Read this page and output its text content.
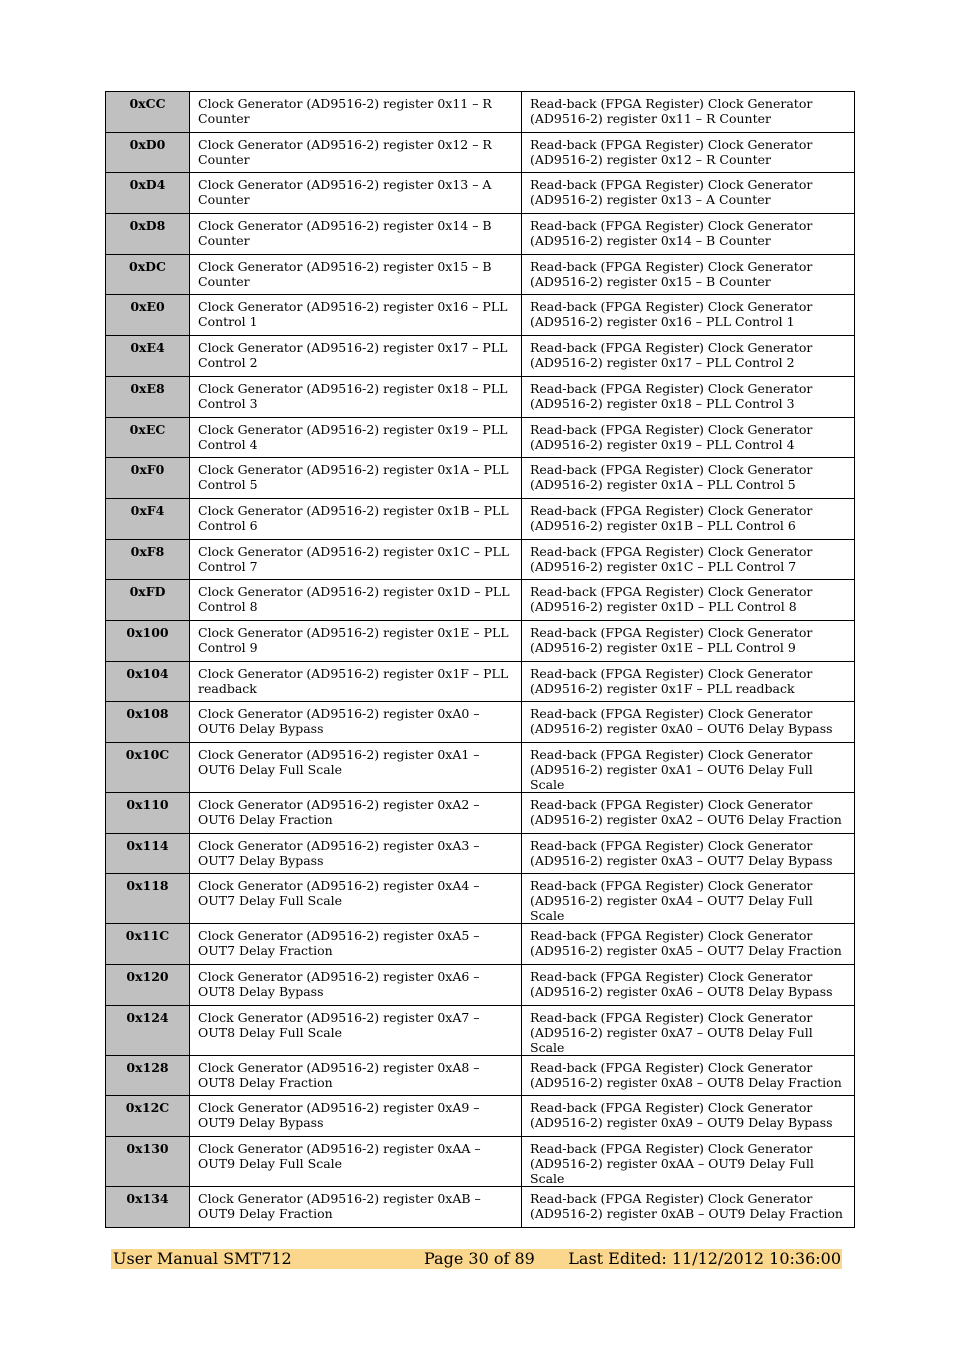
0xCC	Clock Generator (AD9516-2) register 0x11 – R Counter	Read-back (FPGA Register) Clock Generator (AD9516-2) register 0x11 – R Counter
0xD0	Clock Generator (AD9516-2) register 0x12 – R Counter	Read-back (FPGA Register) Clock Generator (AD9516-2) register 0x12 – R Counter
0xD4	Clock Generator (AD9516-2) register 0x13 – A Counter	Read-back (FPGA Register) Clock Generator (AD9516-2) register 0x13 – A Counter
0xD8	Clock Generator (AD9516-2) register 0x14 – B Counter	Read-back (FPGA Register) Clock Generator (AD9516-2) register 0x14 – B Counter
0xDC	Clock Generator (AD9516-2) register 0x15 – B Counter	Read-back (FPGA Register) Clock Generator (AD9516-2) register 0x15 – B Counter
0xE0	Clock Generator (AD9516-2) register 0x16 – PLL Control 1	Read-back (FPGA Register) Clock Generator (AD9516-2) register 0x16 – PLL Control 1
0xE4	Clock Generator (AD9516-2) register 0x17 – PLL Control 2	Read-back (FPGA Register) Clock Generator (AD9516-2) register 0x17 – PLL Control 2
0xE8	Clock Generator (AD9516-2) register 0x18 – PLL Control 3	Read-back (FPGA Register) Clock Generator (AD9516-2) register 0x18 – PLL Control 3
0xEC	Clock Generator (AD9516-2) register 0x19 – PLL Control 4	Read-back (FPGA Register) Clock Generator (AD9516-2) register 0x19 – PLL Control 4
0xF0	Clock Generator (AD9516-2) register 0x1A – PLL Control 5	Read-back (FPGA Register) Clock Generator (AD9516-2) register 0x1A – PLL Control 5
0xF4	Clock Generator (AD9516-2) register 0x1B – PLL Control 6	Read-back (FPGA Register) Clock Generator (AD9516-2) register 0x1B – PLL Control 6
0xF8	Clock Generator (AD9516-2) register 0x1C – PLL Control 7	Read-back (FPGA Register) Clock Generator (AD9516-2) register 0x1C – PLL Control 7
0xFD	Clock Generator (AD9516-2) register 0x1D – PLL Control 8	Read-back (FPGA Register) Clock Generator (AD9516-2) register 0x1D – PLL Control 8
0x100	Clock Generator (AD9516-2) register 0x1E – PLL Control 9	Read-back (FPGA Register) Clock Generator (AD9516-2) register 0x1E – PLL Control 9
0x104	Clock Generator (AD9516-2) register 0x1F – PLL readback	Read-back (FPGA Register) Clock Generator (AD9516-2) register 0x1F – PLL readback
0x108	Clock Generator (AD9516-2) register 0xA0 – OUT6 Delay Bypass	Read-back (FPGA Register) Clock Generator (AD9516-2) register 0xA0 – OUT6 Delay Bypass
0x10C	Clock Generator (AD9516-2) register 0xA1 – OUT6 Delay Full Scale	Read-back (FPGA Register) Clock Generator (AD9516-2) register 0xA1 – OUT6 Delay Full Scale
0x110	Clock Generator (AD9516-2) register 0xA2 – OUT6 Delay Fraction	Read-back (FPGA Register) Clock Generator (AD9516-2) register 0xA2 – OUT6 Delay Fraction
0x114	Clock Generator (AD9516-2) register 0xA3 – OUT7 Delay Bypass	Read-back (FPGA Register) Clock Generator (AD9516-2) register 0xA3 – OUT7 Delay Bypass
0x118	Clock Generator (AD9516-2) register 0xA4 – OUT7 Delay Full Scale	Read-back (FPGA Register) Clock Generator (AD9516-2) register 0xA4 – OUT7 Delay Full Scale
0x11C	Clock Generator (AD9516-2) register 0xA5 – OUT7 Delay Fraction	Read-back (FPGA Register) Clock Generator (AD9516-2) register 0xA5 – OUT7 Delay Fraction
0x120	Clock Generator (AD9516-2) register 0xA6 – OUT8 Delay Bypass	Read-back (FPGA Register) Clock Generator (AD9516-2) register 0xA6 – OUT8 Delay Bypass
0x124	Clock Generator (AD9516-2) register 0xA7 – OUT8 Delay Full Scale	Read-back (FPGA Register) Clock Generator (AD9516-2) register 0xA7 – OUT8 Delay Full Scale
0x128	Clock Generator (AD9516-2) register 0xA8 – OUT8 Delay Fraction	Read-back (FPGA Register) Clock Generator (AD9516-2) register 0xA8 – OUT8 Delay Fraction
0x12C	Clock Generator (AD9516-2) register 0xA9 – OUT9 Delay Bypass	Read-back (FPGA Register) Clock Generator (AD9516-2) register 0xA9 – OUT9 Delay Bypass
0x130	Clock Generator (AD9516-2) register 0xAA – OUT9 Delay Full Scale	Read-back (FPGA Register) Clock Generator (AD9516-2) register 0xAA – OUT9 Delay Full Scale
0x134	Clock Generator (AD9516-2) register 0xAB – OUT9 Delay Fraction	Read-back (FPGA Register) Clock Generator (AD9516-2) register 0xAB – OUT9 Delay Fraction
User Manual SMT712	Page 30 of 89 Last Edited: 11/12/2012 10:36:00
